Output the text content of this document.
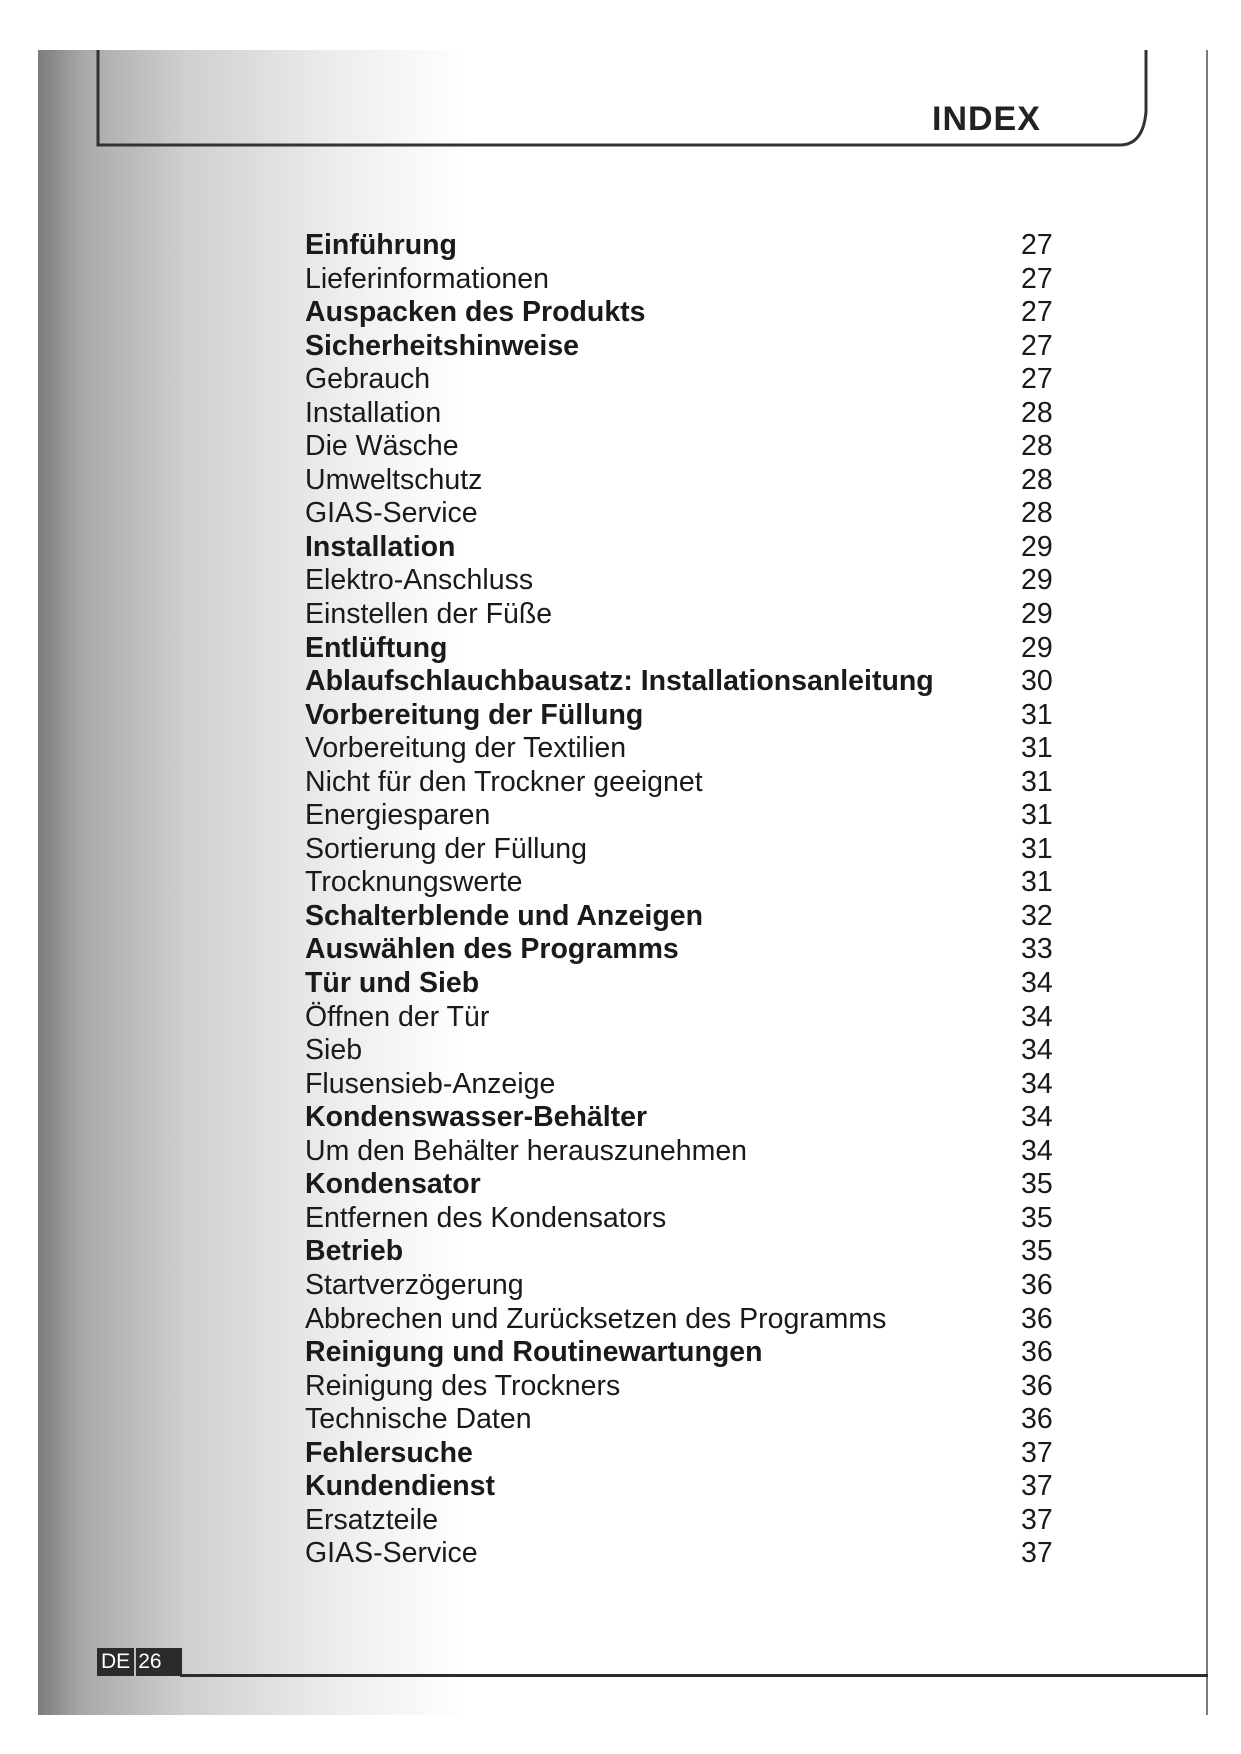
INDEX
Einführung	27
Lieferinformationen	27
Auspacken des Produkts	27
Sicherheitshinweise	27
Gebrauch	27
Installation	28
Die Wäsche	28
Umweltschutz	28
GIAS-Service	28
Installation	29
Elektro-Anschluss	29
Einstellen der Füße	29
Entlüftung	29
Ablaufschlauchbausatz: Installationsanleitung	30
Vorbereitung der Füllung	31
Vorbereitung der Textilien	31
Nicht für den Trockner geeignet	31
Energiesparen	31
Sortierung der Füllung	31
Trocknungswerte	31
Schalterblende und Anzeigen	32
Auswählen des Programms	33
Tür und Sieb	34
Öffnen der Tür	34
Sieb	34
Flusensieb-Anzeige	34
Kondenswasser-Behälter	34
Um den Behälter herauszunehmen	34
Kondensator	35
Entfernen des Kondensators	35
Betrieb	35
Startverzögerung	36
Abbrechen und Zurücksetzen des Programms	36
Reinigung und Routinewartungen	36
Reinigung des Trockners	36
Technische Daten	36
Fehlersuche	37
Kundendienst	37
Ersatzteile	37
GIAS-Service	37
DE 26
